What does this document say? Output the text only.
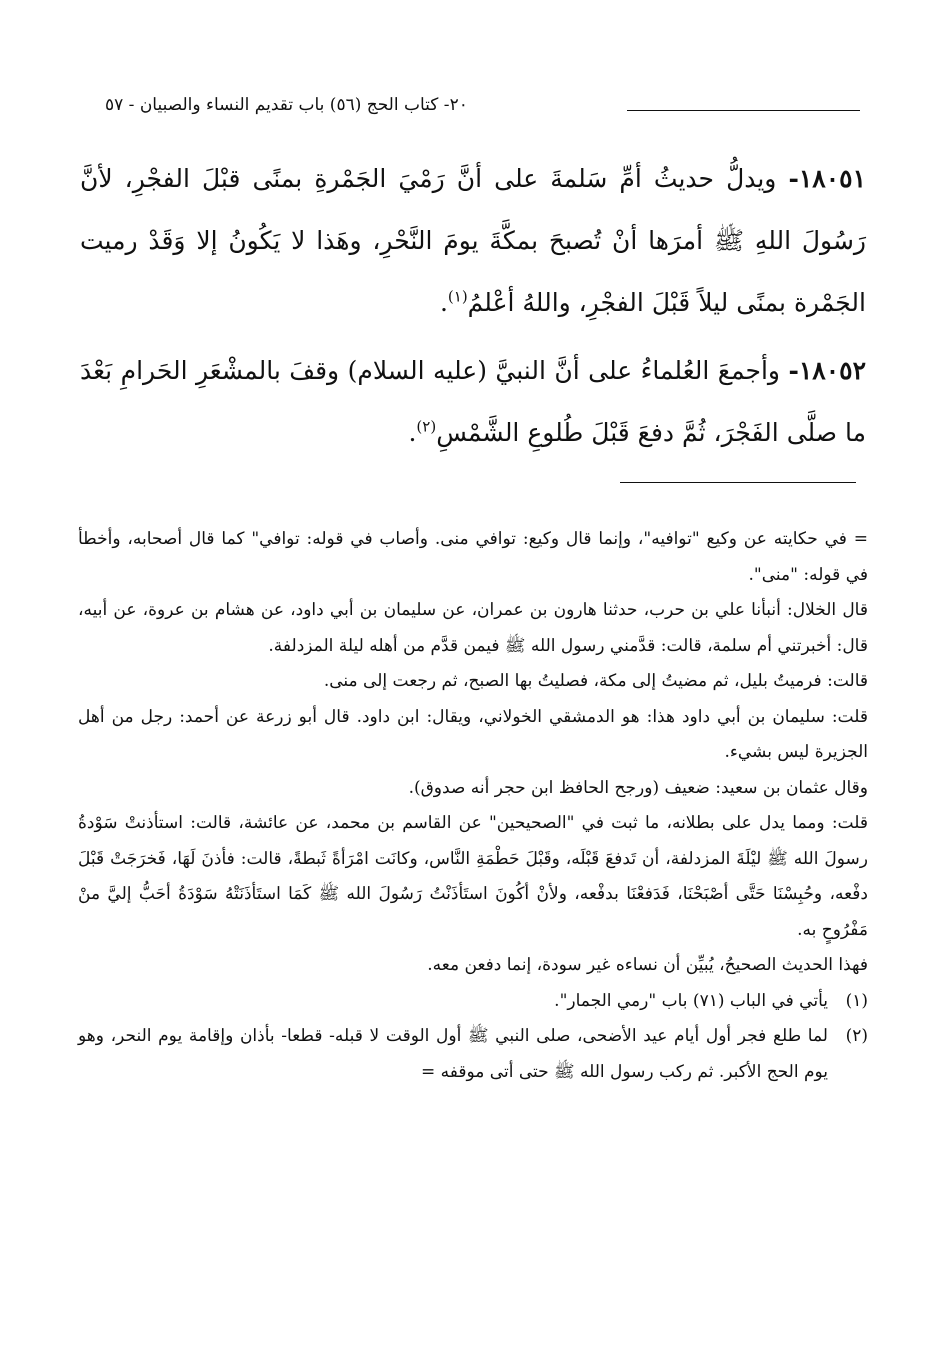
٢٠- كتاب الحج (٥٦) باب تقديم النساء والصبيان - ٥٧

١٨٠٥١- ويدلُّ حديثُ أمِّ سَلمةَ على أنَّ رَمْيَ الجَمْرةِ بمنًى قبْلَ الفجْرِ، لأنَّ رَسُولَ اللهِ ﷺ أمرَها أنْ تُصبحَ بمكَّةَ يومَ النَّحْرِ، وهَذا لا يَكُونُ إلا وَقَدْ رميت الجَمْرة بمنًى ليلاً قَبْلَ الفجْرِ، واللهُ أعْلمُ$^{(١)}$.

١٨٠٥٢- وأجمعَ العُلماءُ على أنَّ النبيَّ (عليه السلام) وقفَ بالمشْعَرِ الحَرامِ بَعْدَ ما صلَّى الفَجْرَ، ثُمَّ دفعَ قَبْلَ طُلوعِ الشَّمْسِ$^{(٢)}$.

= في حكايته عن وكيع "توافيه"، وإنما قال وكيع: توافي منى. وأصاب في قوله: توافي" كما قال أصحابه، وأخطأ في قوله: "منى".

قال الخلال: أنبأنا علي بن حرب، حدثنا هارون بن عمران، عن سليمان بن أبي داود، عن هشام بن عروة، عن أبيه، قال: أخبرتني أم سلمة، قالت: قدَّمني رسول الله ﷺ فيمن قدَّم من أهله ليلة المزدلفة.

قالت: فرميتُ بليل، ثم مضيتُ إلى مكة، فصليتُ بها الصبح، ثم رجعت إلى منى.

قلت: سليمان بن أبي داود هذا: هو الدمشقي الخولاني، ويقال: ابن داود. قال أبو زرعة عن أحمد: رجل من أهل الجزيرة ليس بشيء.

وقال عثمان بن سعيد: ضعيف (ورجح الحافظ ابن حجر أنه صدوق).

قلت: ومما يدل على بطلانه، ما ثبت في "الصحيحين" عن القاسم بن محمد، عن عائشة، قالت: استأذنتْ سَوْدةُ رسولَ الله ﷺ ليْلَةَ المزدلفة، أن تَدفعَ قَبْلَه، وقَبْلَ حَطْمَةِ النَّاس، وكانَت امْرَأةً ثَبطةً، قالت: فأذنَ لَهَا، فَخرَجَتْ قَبْلَ دفْعه، وحُبِسْنَا حَتَّى أصْبَحْنَا، فَدَفعْنَا بدفْعه، ولأنْ أكُونَ استَأذَنْتُ رَسُولَ الله ﷺ كَمَا استَأذَنَتْهُ سَوْدَةُ أحَبُّ إليَّ منْ مَفْرُوحٍ به.

فهذا الحديث الصحيحُ، يُبيِّن أن نساءه غير سودة، إنما دفعن معه.

(١)
يأتي في الباب (٧١) باب "رمي الجمار".

(٢)
لما طلع فجر أول أيام عيد الأضحى، صلى النبي ﷺ أول الوقت لا قبله- قطعا- بأذان وإقامة يوم النحر، وهو يوم الحج الأكبر. ثم ركب رسول الله ﷺ حتى أتى موقفه =
